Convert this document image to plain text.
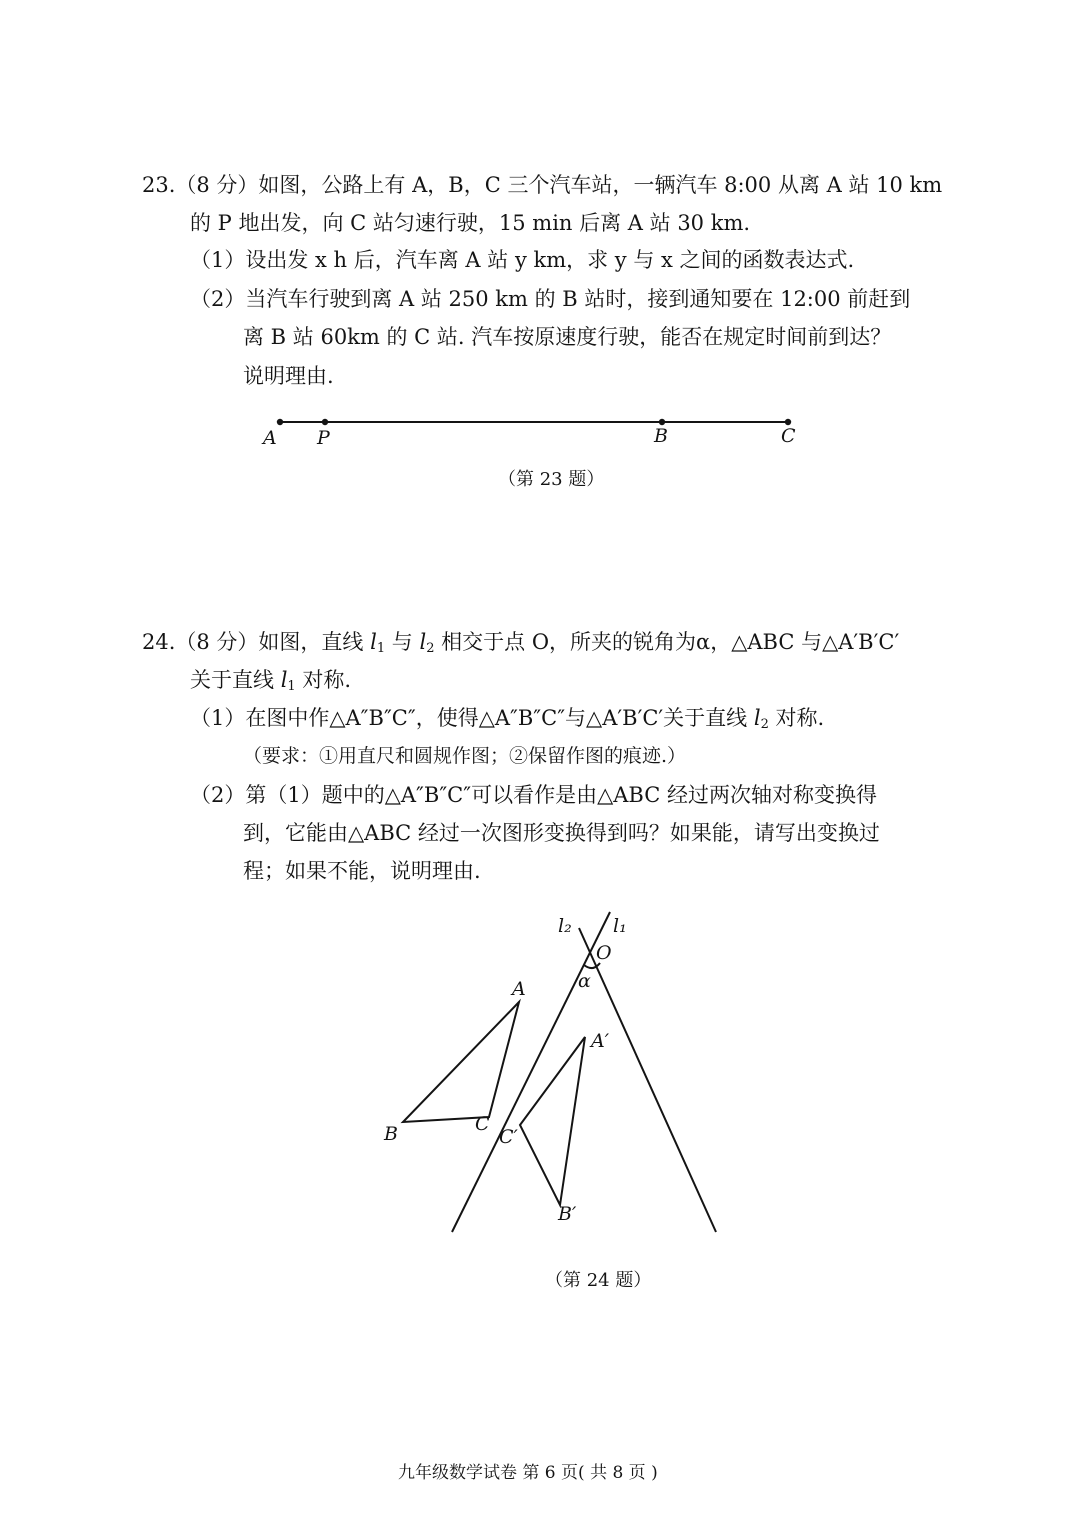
23.（8 分）如图，公路上有 A，B，C 三个汽车站，一辆汽车 8:00 从离 A 站 10 km
的 P 地出发，向 C 站匀速行驶，15 min 后离 A 站 30 km.
（1）设出发 x h 后，汽车离 A 站 y km，求 y 与 x 之间的函数表达式.
（2）当汽车行驶到离 A 站 250 km 的 B 站时，接到通知要在 12:00 前赶到
离 B 站 60km 的 C 站. 汽车按原速度行驶，能否在规定时间前到达？
说明理由.
A P	B	C
l₂ l₁
O
α
A
B	C
A′
C′
B′
（第 23 题）
24.（8 分）如图，直线 $l_1$ 与 $l_2$ 相交于点 O，所夹的锐角为α，△ABC 与△A′B′C′
关于直线 $l_1$ 对称.
（1）在图中作△A″B″C″，使得△A″B″C″与△A′B′C′关于直线 $l_2$ 对称.
（要求：①用直尺和圆规作图；②保留作图的痕迹.）
（2）第（1）题中的△A″B″C″可以看作是由△ABC 经过两次轴对称变换得
到，它能由△ABC 经过一次图形变换得到吗？如果能，请写出变换过
程；如果不能，说明理由.
（第 24 题）
九年级数学试卷 第 6 页( 共 8 页 )
